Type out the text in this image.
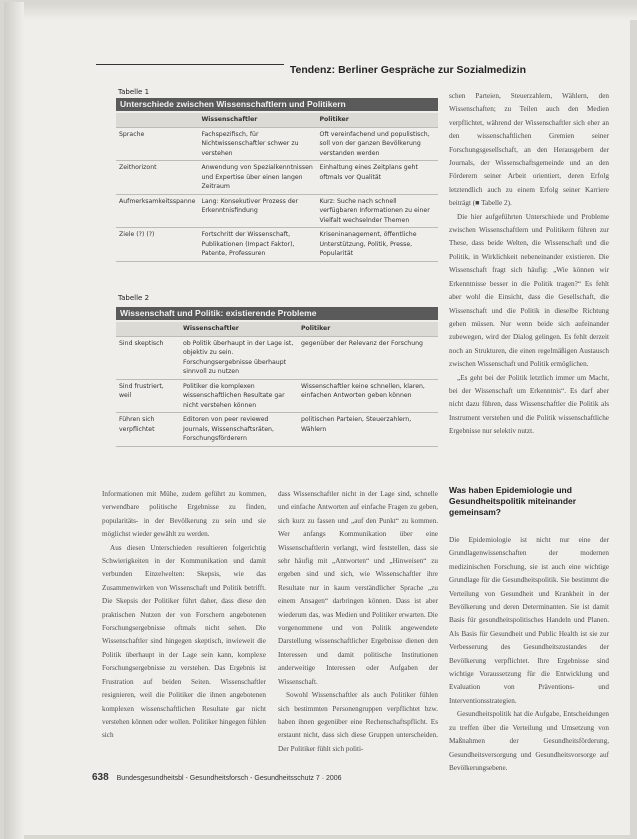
Tendenz: Berliner Gespräche zur Sozialmedizin
Tabelle 1
Unterschiede zwischen Wissenschaftlern und Politikern
	Wissenschaftler	Politiker
Sprache	Fachspezifisch, für Nichtwissenschaftler schwer zu verstehen	Oft vereinfachend und populistisch, soll von der ganzen Bevölkerung verstanden werden
Zeithorizont	Anwendung von Spezialkenntnissen und Expertise über einen langen Zeitraum	Einhaltung eines Zeitplans geht oftmals vor Qualität
Aufmerksamkeitsspanne	Lang: Konsekutiver Prozess der Erkenntnisfindung	Kurz: Suche nach schnell verfügbaren Informationen zu einer Vielfalt wechselnder Themen
Ziele (?) (?)	Fortschritt der Wissenschaft, Publikationen (Impact Faktor), Patente, Professuren	Kriseninanagement, öffentliche Unterstützung, Politik, Presse, Popularität
Tabelle 2
Wissenschaft und Politik: existierende Probleme
	Wissenschaftler	Politiker
Sind skeptisch	ob Politik überhaupt in der Lage ist, objektiv zu sein. Forschungsergebnisse überhaupt sinnvoll zu nutzen	gegenüber der Relevanz der Forschung
Sind frustriert, weil	Politiker die komplexen wissenschaftlichen Resultate gar nicht verstehen können	Wissenschaftler keine schnellen, klaren, einfachen Antworten geben können
Führen sich verpflichtet	Editoren von peer reviewed Journals, Wissenschaftsräten, Forschungsförderern	politischen Parteien, Steuerzahlern, Wählern

schen Parteien, Steuerzahlern, Wählern, den Wissenschaften; zu Teilen auch den Medien verpflichtet, während der Wissenschaftler sich eher an den wissenschaftlichen Gremien seiner Forschungsgesellschaft, an den Herausgebern der Journals, der Wissenschaftsgemeinde und an den Förderern seiner Arbeit orientiert, deren Erfolg letztendlich auch zu einem Erfolg seiner Karriere beiträgt (■ Tabelle 2).

Die hier aufgeführten Unterschiede und Probleme zwischen Wissenschaftlern und Politikern führen zur These, dass beide Welten, die Wissenschaft und die Politik, in Wirklichkeit nebeneinander existieren. Die Wissenschaft fragt sich häufig: „Wie können wir Erkenntnisse besser in die Politik tragen?“ Es fehlt aber wohl die Einsicht, dass die Gesellschaft, die Wissenschaft und die Politik in dieselbe Richtung gehen müssen. Nur wenn beide sich aufeinander zubewegen, wird der Dialog gelingen. Es fehlt derzeit noch an Strukturen, die einen regelmäßigen Austausch zwischen Wissenschaft und Politik ermöglichen.

„Es geht bei der Politik letztlich immer um Macht, bei der Wissenschaft um Erkenntnis“. Es darf aber nicht dazu führen, dass Wissenschaftler die Politik als Instrument verstehen und die Politik wissenschaftliche Ergebnisse nur selektiv nutzt.

Was haben Epidemiologie und Gesundheitspolitik miteinander gemeinsam?

Die Epidemiologie ist nicht nur eine der Grundlagenwissenschaften der modernen medizinischen Forschung, sie ist auch eine wichtige Grundlage für die Gesundheitspolitik. Sie bestimmt die Verteilung von Gesundheit und Krankheit in der Bevölkerung und deren Determinanten. Sie ist damit Basis für gesundheitspolitisches Handeln und Planen. Als Basis für Gesundheit und Public Health ist sie zur Verbesserung des Gesundheitszustandes der Bevölkerung verpflichtet. Ihre Ergebnisse sind wichtige Voraussetzung für die Entwicklung und Evaluation von Präventions- und Interventionsstrategien.

Gesundheitspolitik hat die Aufgabe, Entscheidungen zu treffen über die Verteilung und Umsetzung von Maßnahmen der Gesundheitsförderung, Gesundheitsversorgung und Gesundheitsvorsorge auf Bevölkerungsebene.

Informationen mit Mühe, zudem geführt zu kommen, verwendbare politische Ergebnisse zu finden, popularitäts- in der Bevölkerung zu sein und sie möglichst wieder gewählt zu werden.

Aus diesen Unterschieden resultieren folgerichtig Schwierigkeiten in der Kommunikation und damit verbunden Einzelwelten: Skepsis, wie das Zusammenwirken von Wissenschaft und Politik betrifft. Die Skepsis der Politiker führt daher, dass diese den praktischen Nutzen der von Forschern angebotenen Forschungsergebnisse oftmals nicht sehen. Die Wissenschaftler sind hingegen skeptisch, inwieweit die Politik überhaupt in der Lage sein kann, komplexe Forschungsergebnisse zu verstehen. Das Ergebnis ist Frustration auf beiden Seiten. Wissenschaftler resignieren, weil die Politiker die ihnen angebotenen komplexen wissenschaftlichen Resultate gar nicht verstehen können oder wollen. Politiker hingegen fühlen sich

dass Wissenschaftler nicht in der Lage sind, schnelle und einfache Antworten auf einfache Fragen zu geben, sich kurz zu fassen und „auf den Punkt“ zu kommen. Wer anfangs Kommunikation über eine Wissenschaftlerin verlangt, wird feststellen, dass sie sehr häufig mit „Antworten“ und „Hinweisen“ zu ergeben sind und sich, wie Wissenschaftler ihre Resultate nur in kaum verständlicher Sprache „zu einem Ansagen“ darbringen können. Dass ist aber wiederum das, was Medien und Politiker erwarten. Die vorgenommene und von Politik angewendete Darstellung wissenschaftlicher Ergebnisse dienen den Interessen und damit politische Institutionen anderweitige Interessen oder Aufgaben der Wissenschaft.

Sowohl Wissenschaftler als auch Politiker fühlen sich bestimmten Personengruppen verpflichtet bzw. haben ihnen gegenüber eine Rechenschaftspflicht. Es erstaunt nicht, dass sich diese Gruppen unterscheiden. Der Politiker fühlt sich politi-

638 Bundesgesundheitsbl - Gesundheitsforsch - Gesundheitsschutz 7 · 2006
